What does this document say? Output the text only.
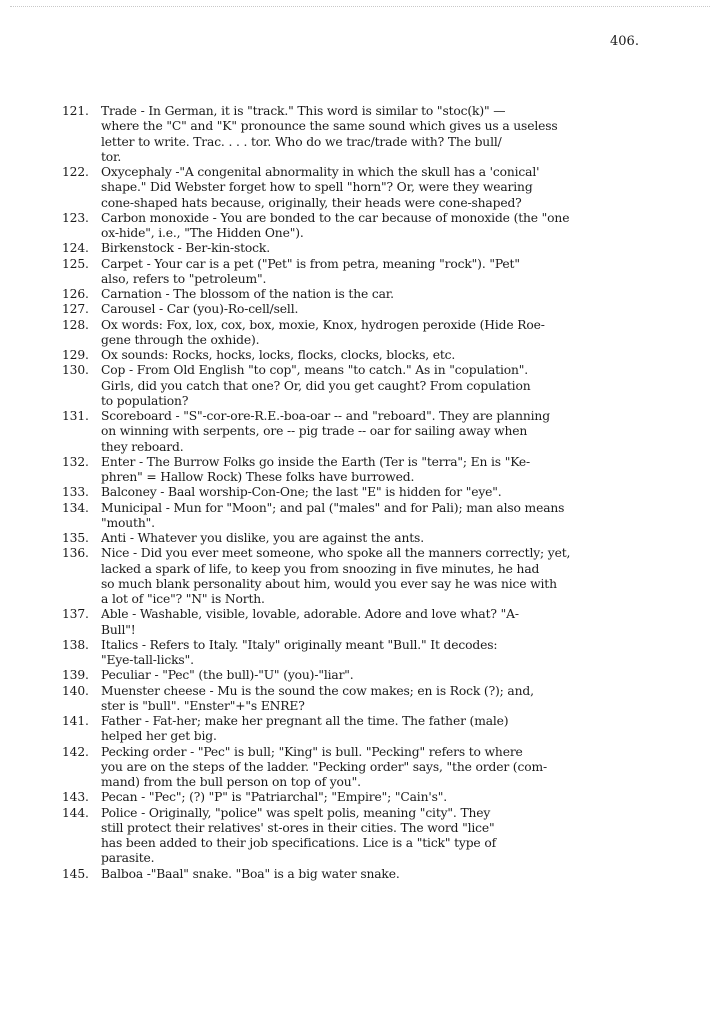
406.
121. Trade - In German, it is "track." This word is similar to "stoc(k)" —
where the "C" and "K" pronounce the same sound which gives us a useless
letter to write. Trac. . . . tor. Who do we trac/trade with? The bull/
tor.
122. Oxycephaly -"A congenital abnormality in which the skull has a 'conical'
shape." Did Webster forget how to spell "horn"? Or, were they wearing
cone-shaped hats because, originally, their heads were cone-shaped?
123. Carbon monoxide - You are bonded to the car because of monoxide (the "one
ox-hide", i.e., "The Hidden One").
124. Birkenstock - Ber-kin-stock.
125. Carpet - Your car is a pet ("Pet" is from petra, meaning "rock"). "Pet"
also, refers to "petroleum".
126. Carnation - The blossom of the nation is the car.
127. Carousel - Car (you)-Ro-cell/sell.
128. Ox words: Fox, lox, cox, box, moxie, Knox, hydrogen peroxide (Hide Roe-
gene through the oxhide).
129. Ox sounds: Rocks, hocks, locks, flocks, clocks, blocks, etc.
130. Cop - From Old English "to cop", means "to catch." As in "copulation".
Girls, did you catch that one? Or, did you get caught? From copulation
to population?
131. Scoreboard - "S"-cor-ore-R.E.-boa-oar -- and "reboard". They are planning
on winning with serpents, ore -- pig trade -- oar for sailing away when
they reboard.
132. Enter - The Burrow Folks go inside the Earth (Ter is "terra"; En is "Ke-
phren" = Hallow Rock) These folks have burrowed.
133. Balconey - Baal worship-Con-One; the last "E" is hidden for "eye".
134. Municipal - Mun for "Moon"; and pal ("males" and for Pali); man also means
"mouth".
135. Anti - Whatever you dislike, you are against the ants.
136. Nice - Did you ever meet someone, who spoke all the manners correctly; yet,
lacked a spark of life, to keep you from snoozing in five minutes, he had
so much blank personality about him, would you ever say he was nice with
a lot of "ice"? "N" is North.
137. Able - Washable, visible, lovable, adorable. Adore and love what? "A-
Bull"!
138. Italics - Refers to Italy. "Italy" originally meant "Bull." It decodes:
"Eye-tall-licks".
139. Peculiar - "Pec" (the bull)-"U" (you)-"liar".
140. Muenster cheese - Mu is the sound the cow makes; en is Rock (?); and,
ster is "bull". "Enster"+"s ENRE?
141. Father - Fat-her; make her pregnant all the time. The father (male)
helped her get big.
142. Pecking order - "Pec" is bull; "King" is bull. "Pecking" refers to where
you are on the steps of the ladder. "Pecking order" says, "the order (com-
mand) from the bull person on top of you".
143. Pecan - "Pec"; (?) "P" is "Patriarchal"; "Empire"; "Cain's".
144. Police - Originally, "police" was spelt polis, meaning "city". They
still protect their relatives' st-ores in their cities. The word "lice"
has been added to their job specifications. Lice is a "tick" type of
parasite.
145. Balboa -"Baal" snake. "Boa" is a big water snake.
